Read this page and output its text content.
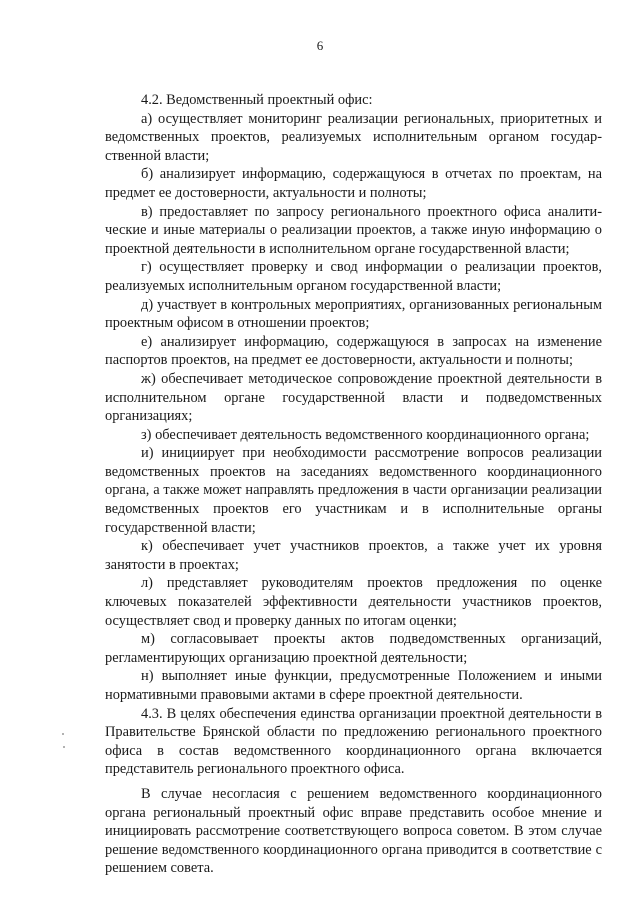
6

4.2. Ведомственный проектный офис:

а) осуществляет мониторинг реализации региональных, приоритетных и ведомственных проектов, реализуемых исполнительным органом государственной власти;

б) анализирует информацию, содержащуюся в отчетах по проектам, на предмет ее достоверности, актуальности и полноты;

в) предоставляет по запросу регионального проектного офиса аналитические и иные материалы о реализации проектов, а также иную информацию о проектной деятельности в исполнительном органе государственной власти;

г) осуществляет проверку и свод информации о реализации проектов, реализуемых исполнительным органом государственной власти;

д) участвует в контрольных мероприятиях, организованных региональным проектным офисом в отношении проектов;

е) анализирует информацию, содержащуюся в запросах на изменение паспортов проектов, на предмет ее достоверности, актуальности и полноты;

ж) обеспечивает методическое сопровождение проектной деятельности в исполнительном органе государственной власти и подведомственных организациях;

з) обеспечивает деятельность ведомственного координационного органа;

и) инициирует при необходимости рассмотрение вопросов реализации ведомственных проектов на заседаниях ведомственного координационного органа, а также может направлять предложения в части организации реализации ведомственных проектов его участникам и в исполнительные органы государственной власти;

к) обеспечивает учет участников проектов, а также учет их уровня занятости в проектах;

л) представляет руководителям проектов предложения по оценке ключевых показателей эффективности деятельности участников проектов, осуществляет свод и проверку данных по итогам оценки;

м) согласовывает проекты актов подведомственных организаций, регламентирующих организацию проектной деятельности;

н) выполняет иные функции, предусмотренные Положением и иными нормативными правовыми актами в сфере проектной деятельности.

4.3. В целях обеспечения единства организации проектной деятельности в Правительстве Брянской области по предложению регионального проектного офиса в состав ведомственного координационного органа включается представитель регионального проектного офиса.

В случае несогласия с решением ведомственного координационного органа региональный проектный офис вправе представить особое мнение и инициировать рассмотрение соответствующего вопроса советом. В этом случае решение ведомственного координационного органа приводится в соответствие с решением совета.
